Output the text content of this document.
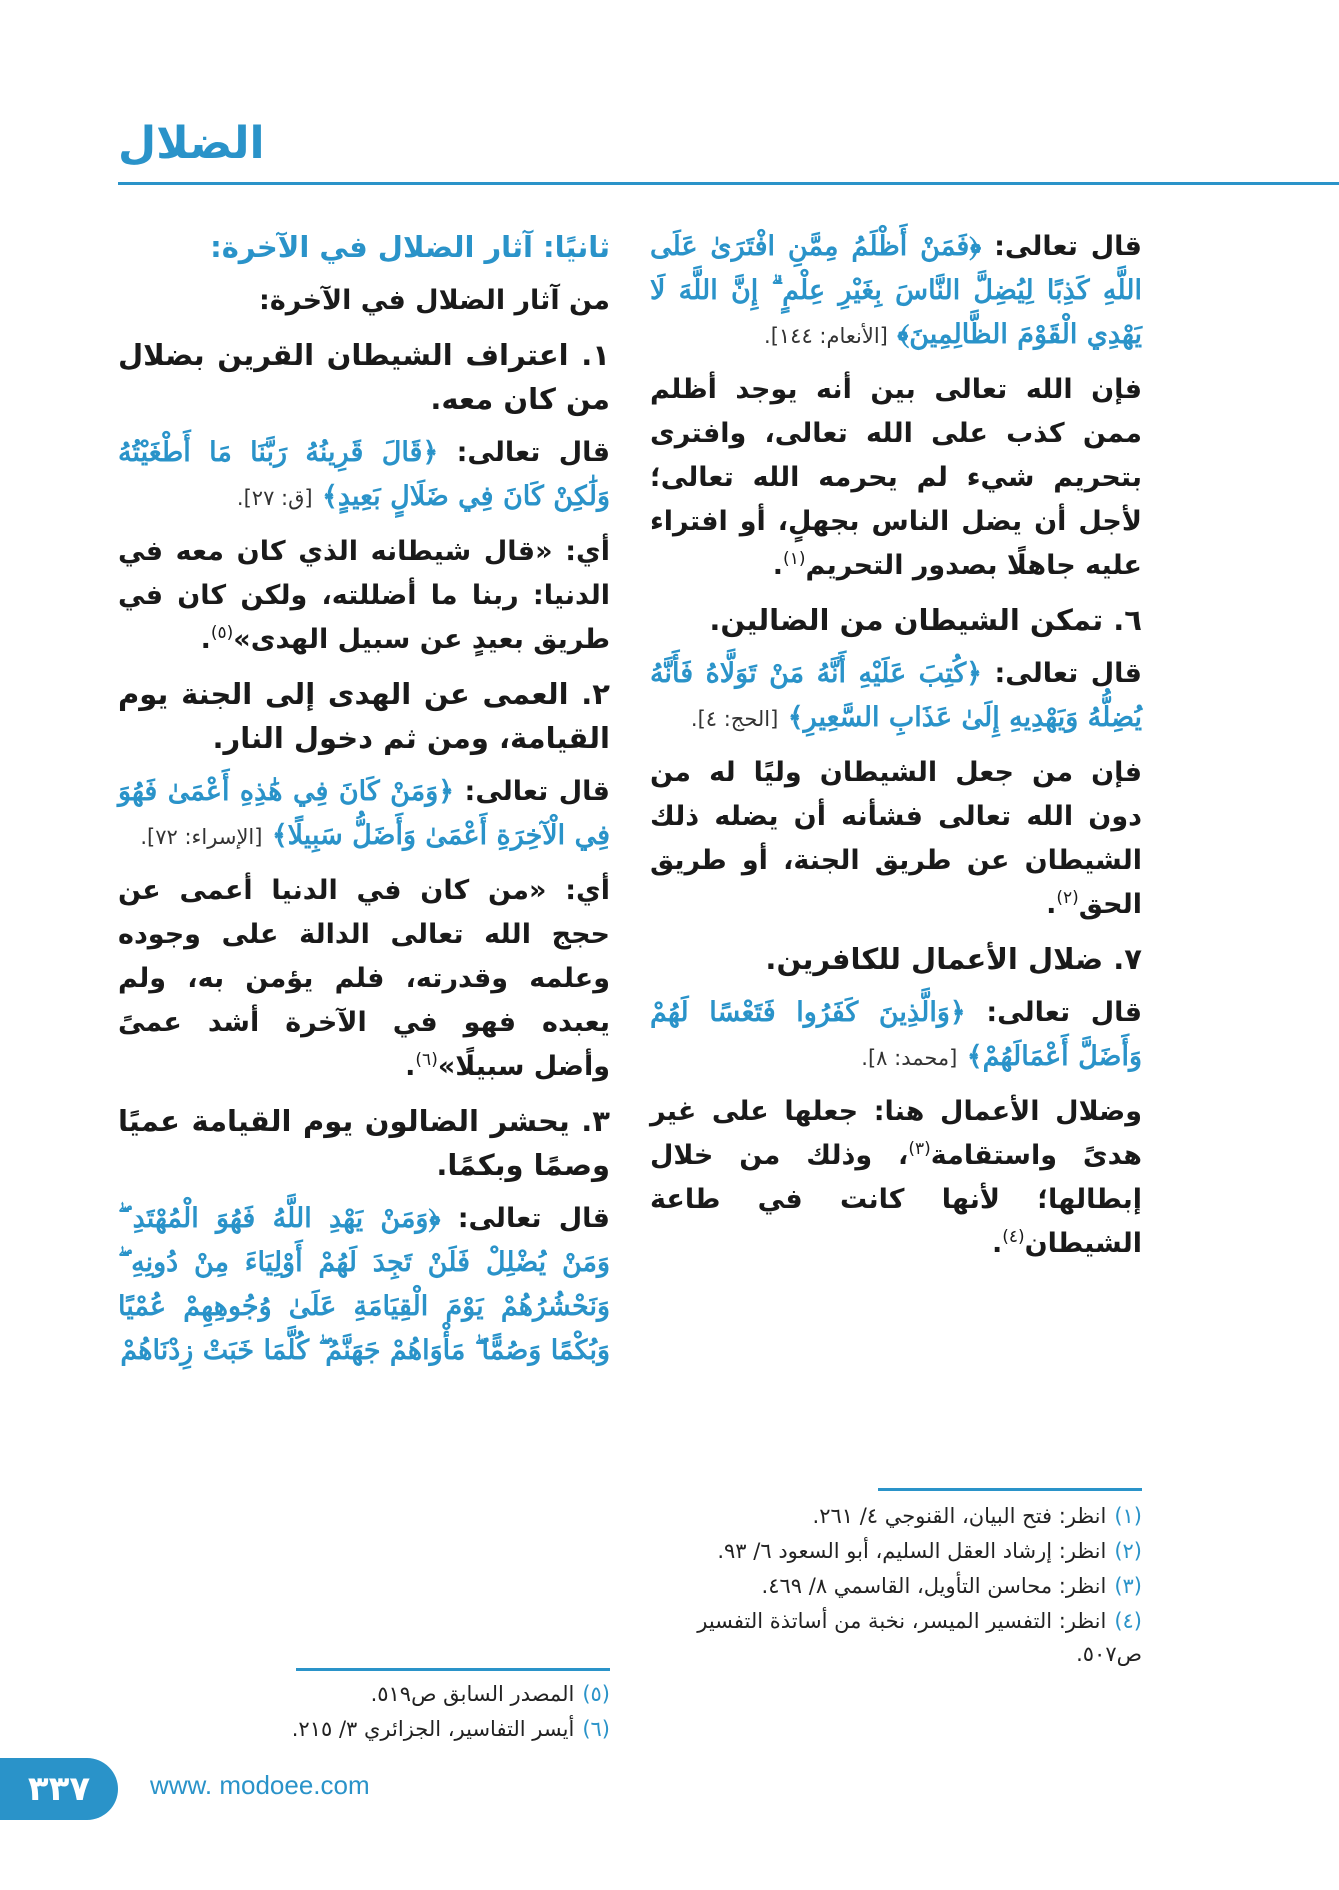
الضلال

قال تعالى: ﴿فَمَنْ أَظْلَمُ مِمَّنِ افْتَرَىٰ عَلَى اللَّهِ كَذِبًا لِيُضِلَّ النَّاسَ بِغَيْرِ عِلْمٍ ۗ إِنَّ اللَّهَ لَا يَهْدِي الْقَوْمَ الظَّالِمِينَ﴾ [الأنعام: ١٤٤].

فإن الله تعالى بين أنه يوجد أظلم ممن كذب على الله تعالى، وافترى بتحريم شيء لم يحرمه الله تعالى؛ لأجل أن يضل الناس بجهلٍ، أو افتراء عليه جاهلًا بصدور التحريم$^{(١)}$.

٦. تمكن الشيطان من الضالين.

قال تعالى: ﴿كُتِبَ عَلَيْهِ أَنَّهُ مَنْ تَوَلَّاهُ فَأَنَّهُ يُضِلُّهُ وَيَهْدِيهِ إِلَىٰ عَذَابِ السَّعِيرِ﴾ [الحج: ٤].

فإن من جعل الشيطان وليًا له من دون الله تعالى فشأنه أن يضله ذلك الشيطان عن طريق الجنة، أو طريق الحق$^{(٢)}$.

٧. ضلال الأعمال للكافرين.

قال تعالى: ﴿وَالَّذِينَ كَفَرُوا فَتَعْسًا لَهُمْ وَأَضَلَّ أَعْمَالَهُمْ﴾ [محمد: ٨].

وضلال الأعمال هنا: جعلها على غير هدىً واستقامة$^{(٣)}$، وذلك من خلال إبطالها؛ لأنها كانت في طاعة الشيطان$^{(٤)}$.

(١)انظر: فتح البيان، القنوجي ٤/ ٢٦١.
(٢)انظر: إرشاد العقل السليم، أبو السعود ٦/ ٩٣.
(٣)انظر: محاسن التأويل، القاسمي ٨/ ٤٦٩.
(٤)انظر: التفسير الميسر، نخبة من أساتذة التفسير ص٥٠٧.

ثانيًا: آثار الضلال في الآخرة:

من آثار الضلال في الآخرة:

١. اعتراف الشيطان القرين بضلال من كان معه.

قال تعالى: ﴿قَالَ قَرِينُهُ رَبَّنَا مَا أَطْغَيْتُهُ وَلَٰكِنْ كَانَ فِي ضَلَالٍ بَعِيدٍ﴾ [ق: ٢٧].

أي: «قال شيطانه الذي كان معه في الدنيا: ربنا ما أضللته، ولكن كان في طريق بعيدٍ عن سبيل الهدى»$^{(٥)}$.

٢. العمى عن الهدى إلى الجنة يوم القيامة، ومن ثم دخول النار.

قال تعالى: ﴿وَمَنْ كَانَ فِي هَٰذِهِ أَعْمَىٰ فَهُوَ فِي الْآخِرَةِ أَعْمَىٰ وَأَضَلُّ سَبِيلًا﴾ [الإسراء: ٧٢].

أي: «من كان في الدنيا أعمى عن حجج الله تعالى الدالة على وجوده وعلمه وقدرته، فلم يؤمن به، ولم يعبده فهو في الآخرة أشد عمىً وأضل سبيلًا»$^{(٦)}$.

٣. يحشر الضالون يوم القيامة عميًا وصمًا وبكمًا.

قال تعالى: ﴿وَمَنْ يَهْدِ اللَّهُ فَهُوَ الْمُهْتَدِ ۖ وَمَنْ يُضْلِلْ فَلَنْ تَجِدَ لَهُمْ أَوْلِيَاءَ مِنْ دُونِهِ ۖ وَنَحْشُرُهُمْ يَوْمَ الْقِيَامَةِ عَلَىٰ وُجُوهِهِمْ عُمْيًا وَبُكْمًا وَصُمًّا ۖ مَأْوَاهُمْ جَهَنَّمُ ۖ كُلَّمَا خَبَتْ زِدْنَاهُمْ

(٥)المصدر السابق ص٥١٩.
(٦)أيسر التفاسير، الجزائري ٣/ ٢١٥.
٣٣٧ www. modoee.com
